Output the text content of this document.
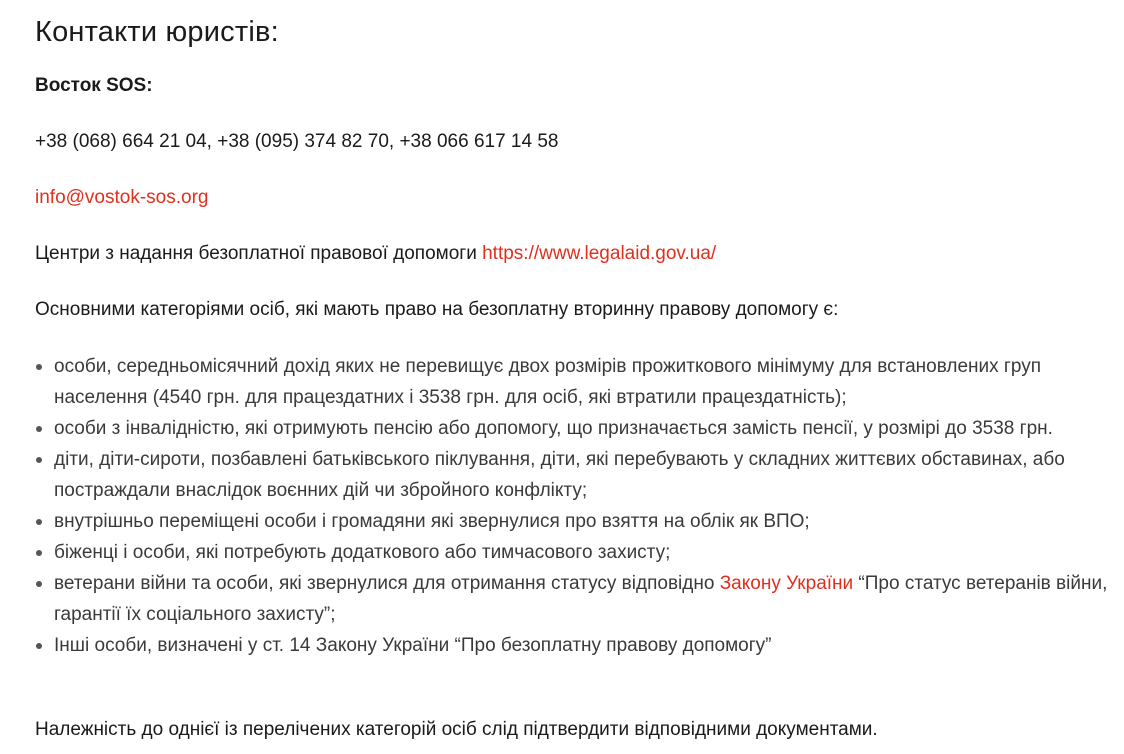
Контакти юристів:

Восток SOS:

+38 (068) 664 21 04, +38 (095) 374 82 70, +38 066 617 14 58

info@vostok-sos.org

Центри з надання безоплатної правової допомоги https://www.legalaid.gov.ua/

Основними категоріями осіб, які мають право на безоплатну вторинну правову допомогу є:

особи, середньомісячний дохід яких не перевищує двох розмірів прожиткового мінімуму для встановлених груп населення (4540 грн. для працездатних і 3538 грн. для осіб, які втратили працездатність);
особи з інвалідністю, які отримують пенсію або допомогу, що призначається замість пенсії, у розмірі до 3538 грн.
діти, діти-сироти, позбавлені батьківського піклування, діти, які перебувають у складних життєвих обставинах, або постраждали внаслідок воєнних дій чи збройного конфлікту;
внутрішньо переміщені особи і громадяни які звернулися про взяття на облік як ВПО;
біженці і особи, які потребують додаткового або тимчасового захисту;
ветерани війни та особи, які звернулися для отримання статусу відповідно Закону України “Про статус ветеранів війни, гарантії їх соціального захисту”;
Інші особи, визначені у ст. 14 Закону України “Про безоплатну правову допомогу”

Належність до однієї із перелічених категорій осіб слід підтвердити відповідними документами.
